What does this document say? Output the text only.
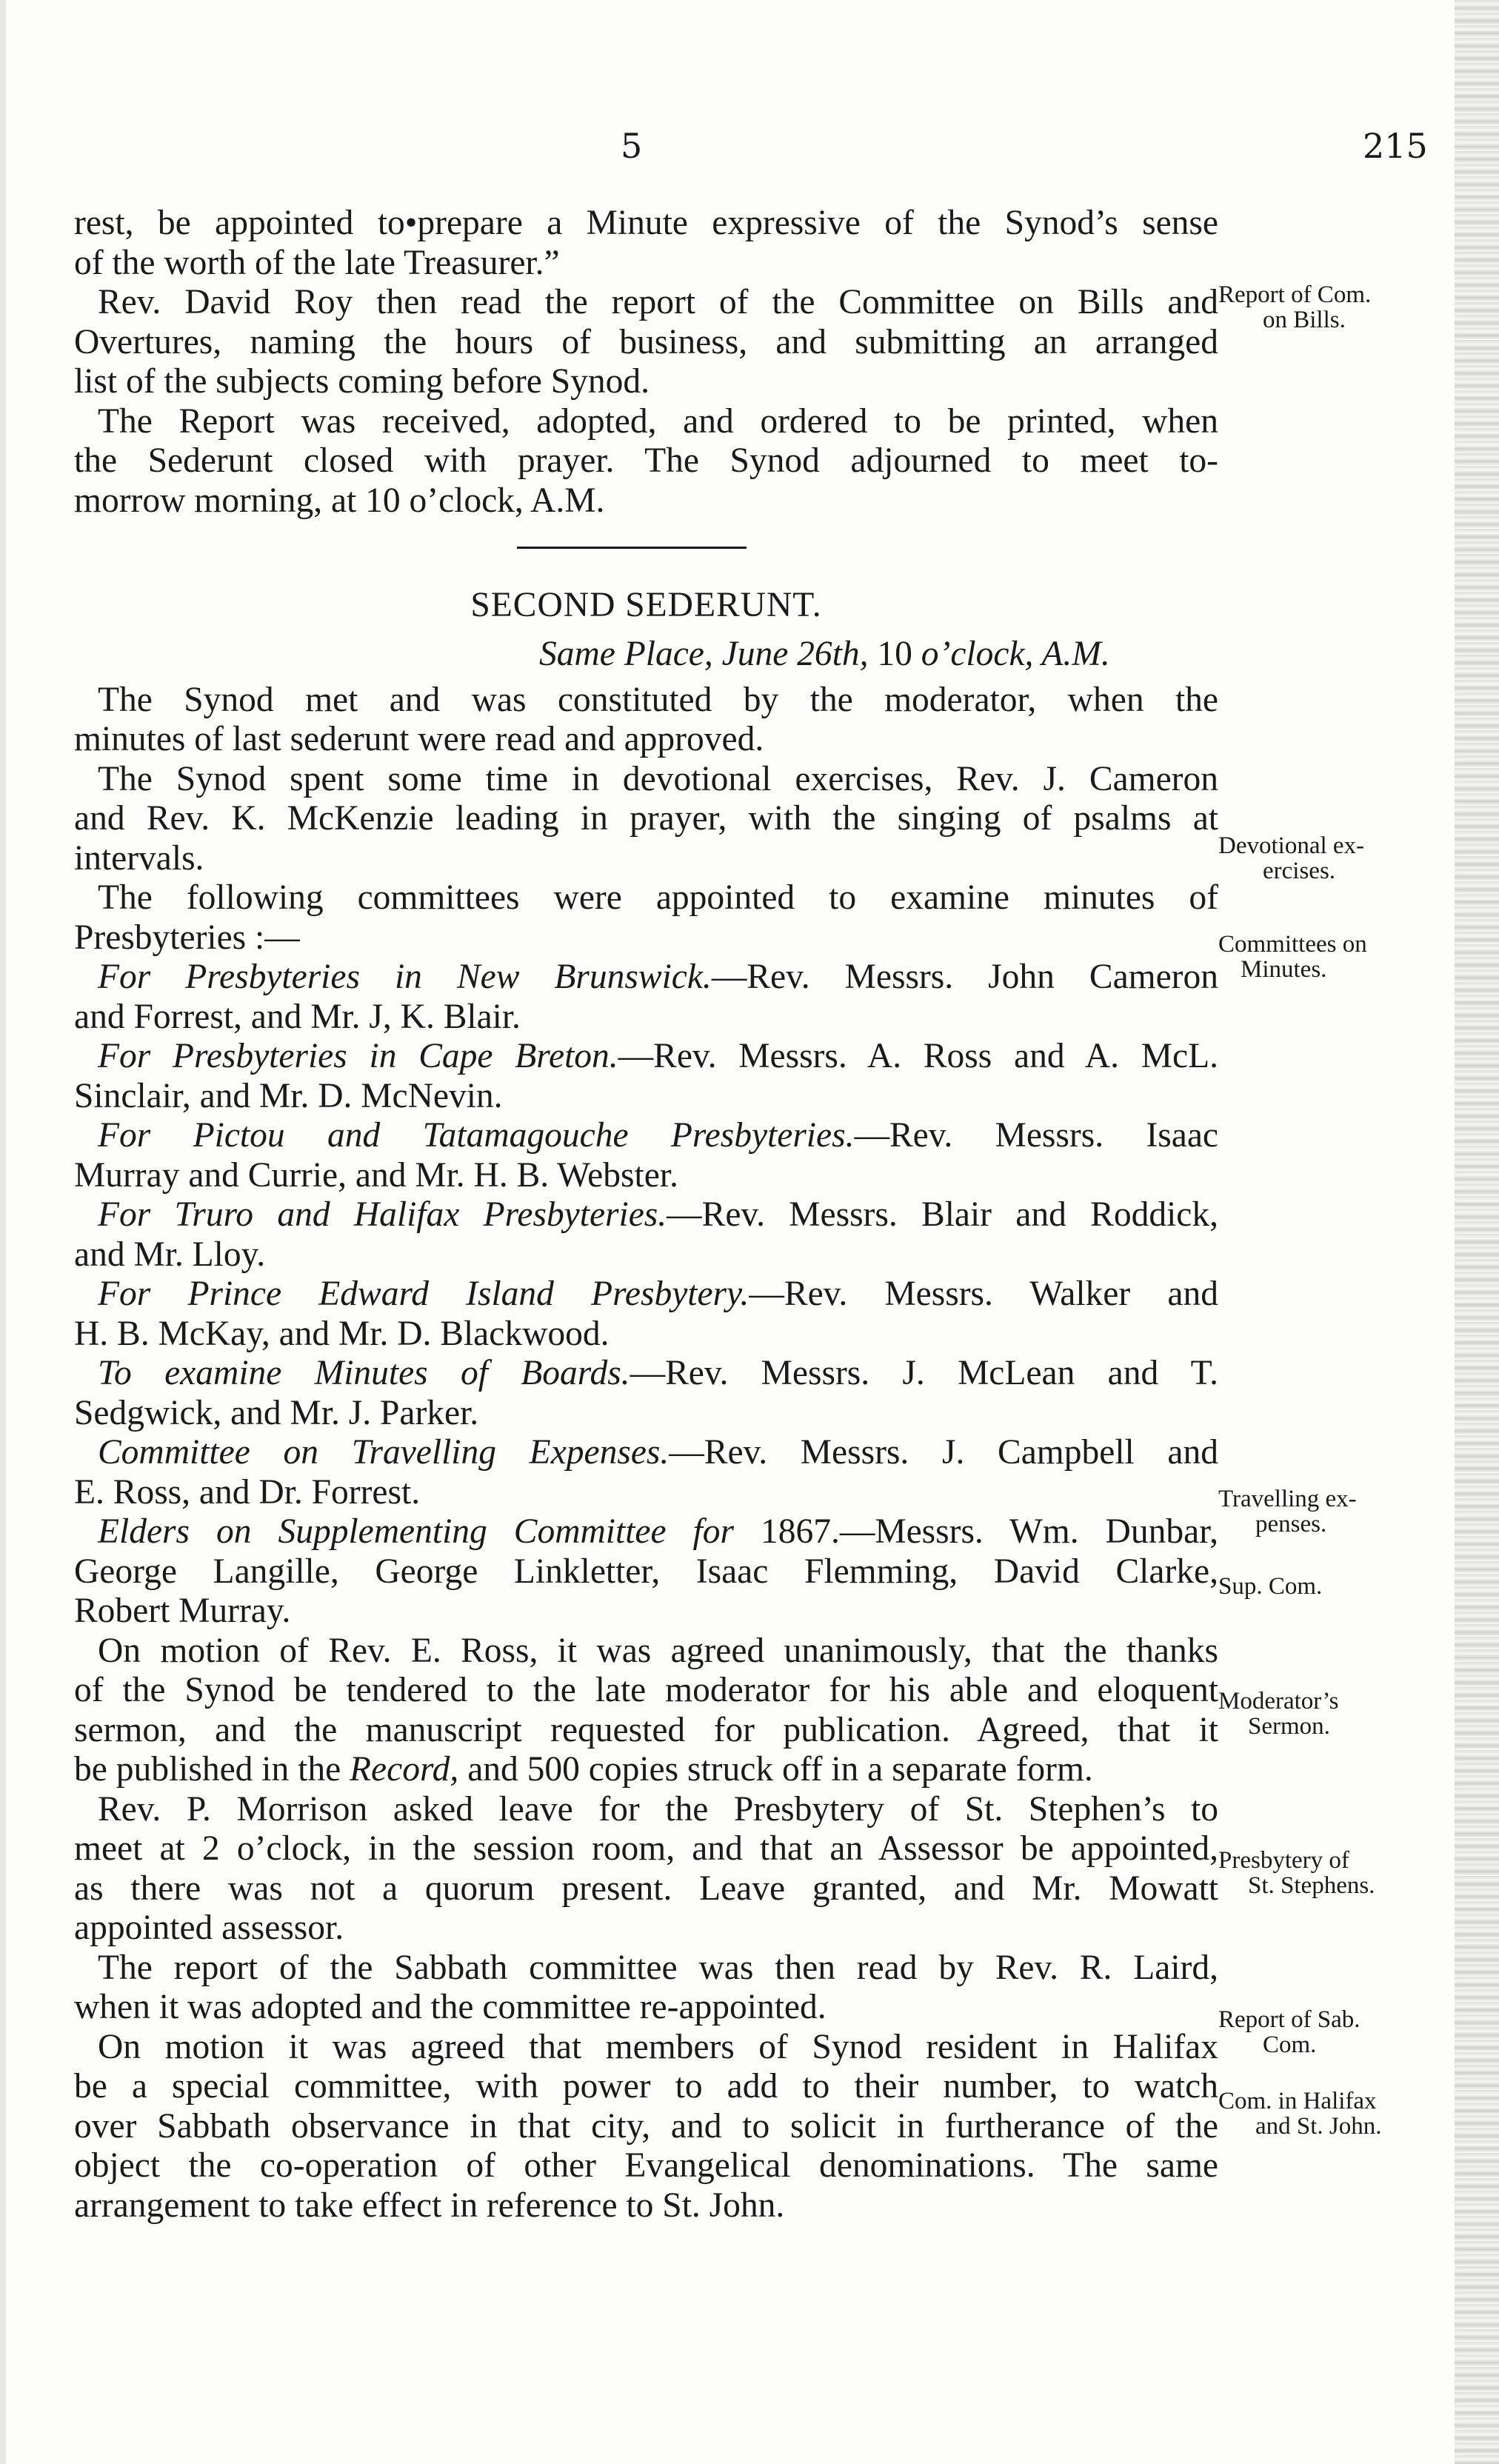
5	215
rest, be appointed to•prepare a Minute expressive of the Synod’s sense
of the worth of the late Treasurer.”
Rev. David Roy then read the report of the Committee on Bills and
Overtures, naming the hours of business, and submitting an arranged
list of the subjects coming before Synod.
The Report was received, adopted, and ordered to be printed, when
the Sederunt closed with prayer. The Synod adjourned to meet to-
morrow morning, at 10 o’clock, A.M.
SECOND SEDERUNT.
Same Place, June 26th, 10 o’clock, A.M.
The Synod met and was constituted by the moderator, when the
minutes of last sederunt were read and approved.
The Synod spent some time in devotional exercises, Rev. J. Cameron
and Rev. K. McKenzie leading in prayer, with the singing of psalms at
intervals.
The following committees were appointed to examine minutes of
Presbyteries :—
For Presbyteries in New Brunswick.—Rev. Messrs. John Cameron
and Forrest, and Mr. J, K. Blair.
For Presbyteries in Cape Breton.—Rev. Messrs. A. Ross and A. McL.
Sinclair, and Mr. D. McNevin.
For Pictou and Tatamagouche Presbyteries.—Rev. Messrs. Isaac
Murray and Currie, and Mr. H. B. Webster.
For Truro and Halifax Presbyteries.—Rev. Messrs. Blair and Roddick,
and Mr. Lloy.
For Prince Edward Island Presbytery.—Rev. Messrs. Walker and
H. B. McKay, and Mr. D. Blackwood.
To examine Minutes of Boards.—Rev. Messrs. J. McLean and T.
Sedgwick, and Mr. J. Parker.
Committee on Travelling Expenses.—Rev. Messrs. J. Campbell and
E. Ross, and Dr. Forrest.
Elders on Supplementing Committee for 1867.—Messrs. Wm. Dunbar,
George Langille, George Linkletter, Isaac Flemming, David Clarke,
Robert Murray.
On motion of Rev. E. Ross, it was agreed unanimously, that the thanks
of the Synod be tendered to the late moderator for his able and eloquent
sermon, and the manuscript requested for publication. Agreed, that it
be published in the Record, and 500 copies struck off in a separate form.
Rev. P. Morrison asked leave for the Presbytery of St. Stephen’s to
meet at 2 o’clock, in the session room, and that an Assessor be appointed,
as there was not a quorum present. Leave granted, and Mr. Mowatt
appointed assessor.
The report of the Sabbath committee was then read by Rev. R. Laird,
when it was adopted and the committee re-appointed.
On motion it was agreed that members of Synod resident in Halifax
be a special committee, with power to add to their number, to watch
over Sabbath observance in that city, and to solicit in furtherance of the
object the co-operation of other Evangelical denominations. The same
arrangement to take effect in reference to St. John.
Report of Com.
on Bills.
Devotional ex-
ercises.
Committees on
Minutes.
Travelling ex-
penses.
Sup. Com.
Moderator’s
Sermon.
Presbytery of
St. Stephens.
Report of Sab.
Com.
Com. in Halifax
and St. John.
